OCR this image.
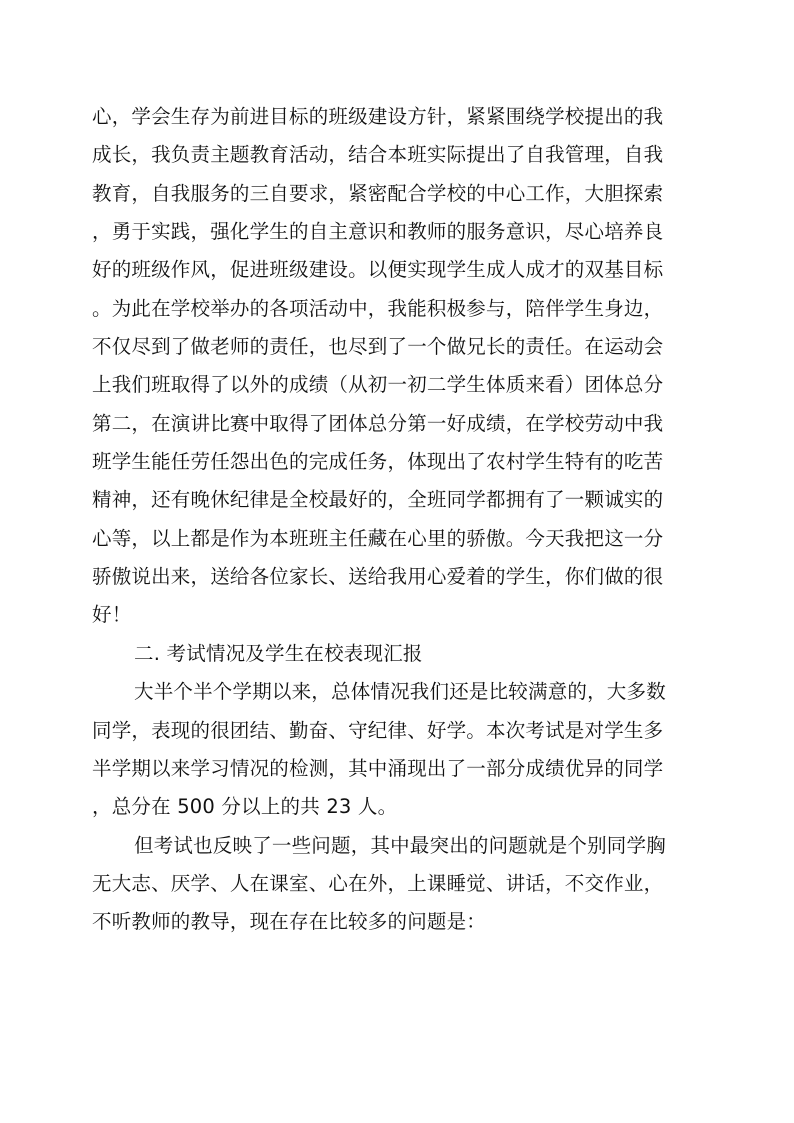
心，学会生存为前进目标的班级建设方针，紧紧围绕学校提出的我
成长，我负责主题教育活动，结合本班实际提出了自我管理，自我
教育，自我服务的三自要求，紧密配合学校的中心工作，大胆探索
，勇于实践，强化学生的自主意识和教师的服务意识，尽心培养良
好的班级作风，促进班级建设。以便实现学生成人成才的双基目标
。为此在学校举办的各项活动中，我能积极参与，陪伴学生身边，
不仅尽到了做老师的责任，也尽到了一个做兄长的责任。在运动会
上我们班取得了以外的成绩（从初一初二学生体质来看）团体总分
第二，在演讲比赛中取得了团体总分第一好成绩，在学校劳动中我
班学生能任劳任怨出色的完成任务，体现出了农村学生特有的吃苦
精神，还有晚休纪律是全校最好的，全班同学都拥有了一颗诚实的
心等，以上都是作为本班班主任藏在心里的骄傲。今天我把这一分
骄傲说出来，送给各位家长、送给我用心爱着的学生，你们做的很
好！
二. 考试情况及学生在校表现汇报
大半个半个学期以来，总体情况我们还是比较满意的，大多数
同学，表现的很团结、勤奋、守纪律、好学。本次考试是对学生多
半学期以来学习情况的检测，其中涌现出了一部分成绩优异的同学
，总分在 500 分以上的共 23 人。
但考试也反映了一些问题，其中最突出的问题就是个别同学胸
无大志、厌学、人在课室、心在外，上课睡觉、讲话，不交作业，
不听教师的教导，现在存在比较多的问题是：
